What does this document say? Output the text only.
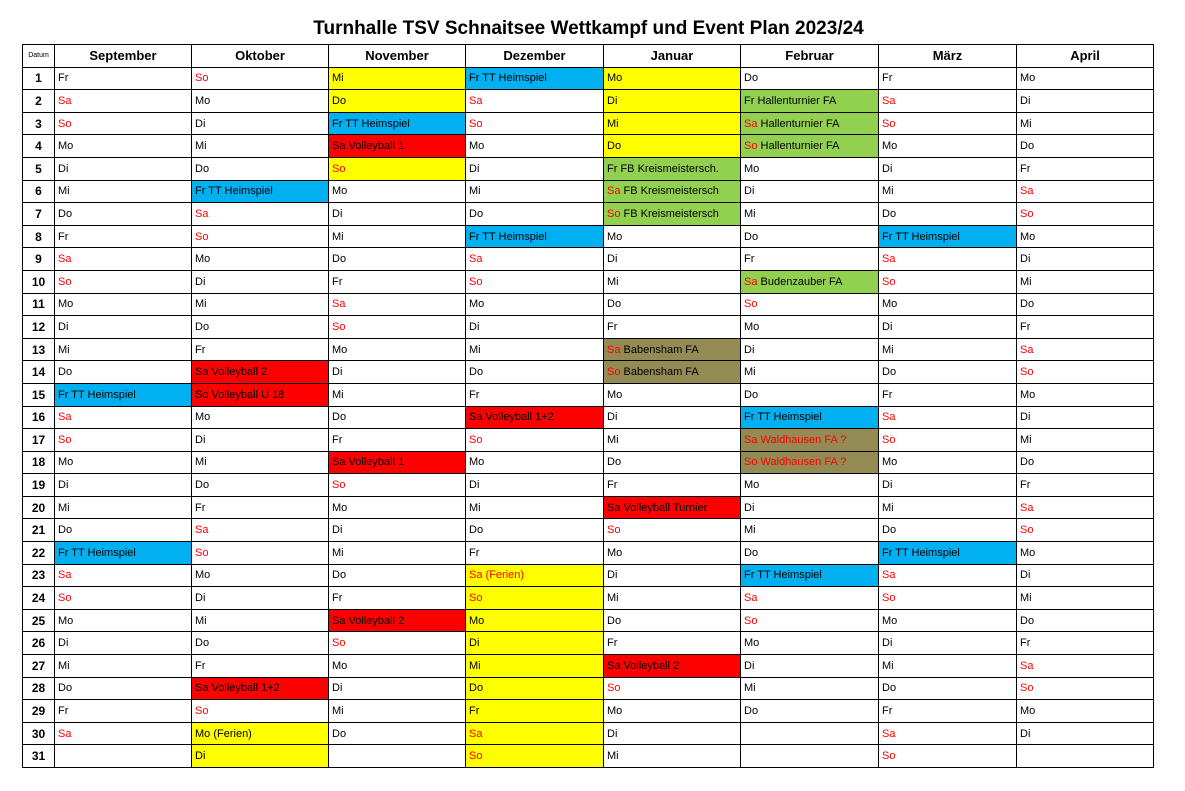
Turnhalle TSV Schnaitsee Wettkampf und Event Plan 2023/24
Datum	September	Oktober	November	Dezember	Januar	Februar	März	April
1	Fr	So	Mi	Fr TT Heimspiel	Mo	Do	Fr	Mo
2	Sa	Mo	Do	Sa	Di	Fr Hallenturnier FA	Sa	Di
3	So	Di	Fr TT Heimspiel	So	Mi	Sa Hallenturnier FA	So	Mi
4	Mo	Mi	Sa Volleyball 1	Mo	Do	So Hallenturnier FA	Mo	Do
5	Di	Do	So	Di	Fr FB Kreismeistersch.	Mo	Di	Fr
6	Mi	Fr TT Heimspiel	Mo	Mi	Sa FB Kreismeistersch	Di	Mi	Sa
7	Do	Sa	Di	Do	So FB Kreismeistersch	Mi	Do	So
8	Fr	So	Mi	Fr TT Heimspiel	Mo	Do	Fr TT Heimspiel	Mo
9	Sa	Mo	Do	Sa	Di	Fr	Sa	Di
10	So	Di	Fr	So	Mi	Sa Budenzauber FA	So	Mi
11	Mo	Mi	Sa	Mo	Do	So	Mo	Do
12	Di	Do	So	Di	Fr	Mo	Di	Fr
13	Mi	Fr	Mo	Mi	Sa Babensham FA	Di	Mi	Sa
14	Do	Sa Volleyball 2	Di	Do	So Babensham FA	Mi	Do	So
15	Fr TT Heimspiel	So Volleyball U 18	Mi	Fr	Mo	Do	Fr	Mo
16	Sa	Mo	Do	Sa Volleyball 1+2	Di	Fr TT Heimspiel	Sa	Di
17	So	Di	Fr	So	Mi	Sa Waldhausen FA ?	So	Mi
18	Mo	Mi	Sa Volleyball 1	Mo	Do	So Waldhausen FA ?	Mo	Do
19	Di	Do	So	Di	Fr	Mo	Di	Fr
20	Mi	Fr	Mo	Mi	Sa Volleyball Turnier	Di	Mi	Sa
21	Do	Sa	Di	Do	So	Mi	Do	So
22	Fr TT Heimspiel	So	Mi	Fr	Mo	Do	Fr TT Heimspiel	Mo
23	Sa	Mo	Do	Sa (Ferien)	Di	Fr TT Heimspiel	Sa	Di
24	So	Di	Fr	So	Mi	Sa	So	Mi
25	Mo	Mi	Sa Volleyball 2	Mo	Do	So	Mo	Do
26	Di	Do	So	Di	Fr	Mo	Di	Fr
27	Mi	Fr	Mo	Mi	Sa Volleyball 2	Di	Mi	Sa
28	Do	Sa Volleyball 1+2	Di	Do	So	Mi	Do	So
29	Fr	So	Mi	Fr	Mo	Do	Fr	Mo
30	Sa	Mo (Ferien)	Do	Sa	Di		Sa	Di
31		Di		So	Mi		So	
